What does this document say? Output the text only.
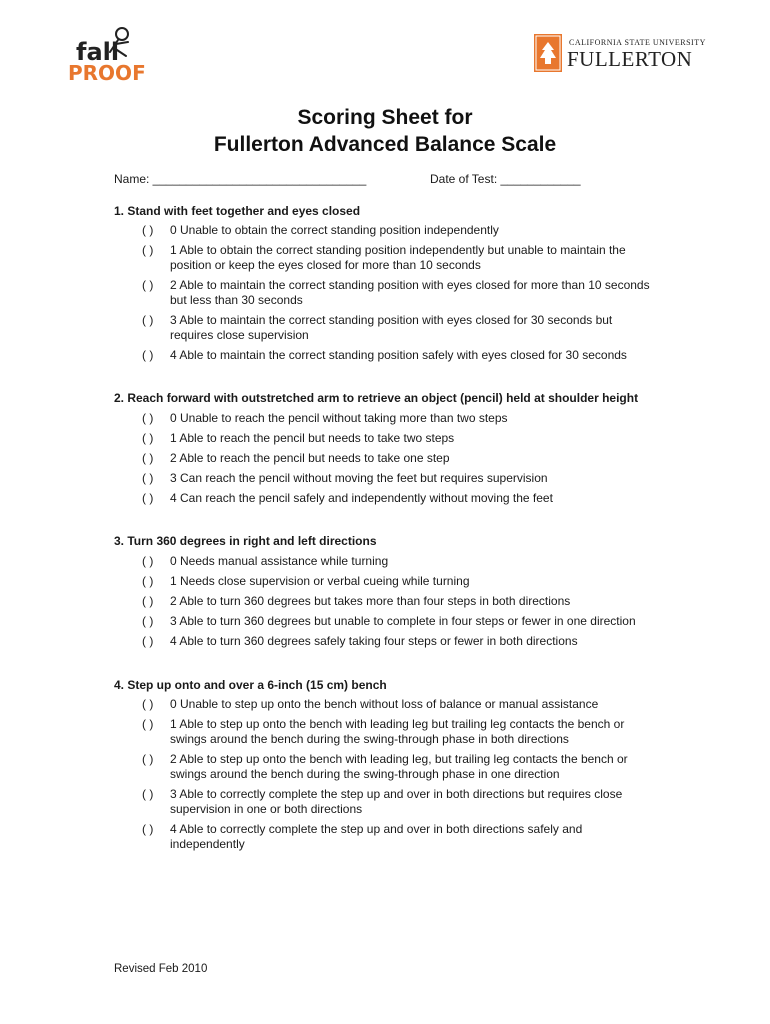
fall
PROOF
CALIFORNIA STATE UNIVERSITY
FULLERTON
Scoring Sheet for
Fullerton Advanced Balance Scale
Name: ________________________________	Date of Test: ____________
1. Stand with feet together and eyes closed
( ) 0 Unable to obtain the correct standing position independently
( ) 1 Able to obtain the correct standing position independently but unable to maintain the
position or keep the eyes closed for more than 10 seconds
( ) 2 Able to maintain the correct standing position with eyes closed for more than 10 seconds
but less than 30 seconds
( ) 3 Able to maintain the correct standing position with eyes closed for 30 seconds but
requires close supervision
( ) 4 Able to maintain the correct standing position safely with eyes closed for 30 seconds
2. Reach forward with outstretched arm to retrieve an object (pencil) held at shoulder height
( ) 0 Unable to reach the pencil without taking more than two steps
( ) 1 Able to reach the pencil but needs to take two steps
( ) 2 Able to reach the pencil but needs to take one step
( ) 3 Can reach the pencil without moving the feet but requires supervision
( ) 4 Can reach the pencil safely and independently without moving the feet
3. Turn 360 degrees in right and left directions
( ) 0 Needs manual assistance while turning
( ) 1 Needs close supervision or verbal cueing while turning
( ) 2 Able to turn 360 degrees but takes more than four steps in both directions
( ) 3 Able to turn 360 degrees but unable to complete in four steps or fewer in one direction
( ) 4 Able to turn 360 degrees safely taking four steps or fewer in both directions
4. Step up onto and over a 6-inch (15 cm) bench
( ) 0 Unable to step up onto the bench without loss of balance or manual assistance
( ) 1 Able to step up onto the bench with leading leg but trailing leg contacts the bench or
swings around the bench during the swing-through phase in both directions
( ) 2 Able to step up onto the bench with leading leg, but trailing leg contacts the bench or
swings around the bench during the swing-through phase in one direction
( ) 3 Able to correctly complete the step up and over in both directions but requires close
supervision in one or both directions
( ) 4 Able to correctly complete the step up and over in both directions safely and
independently
Revised Feb 2010
